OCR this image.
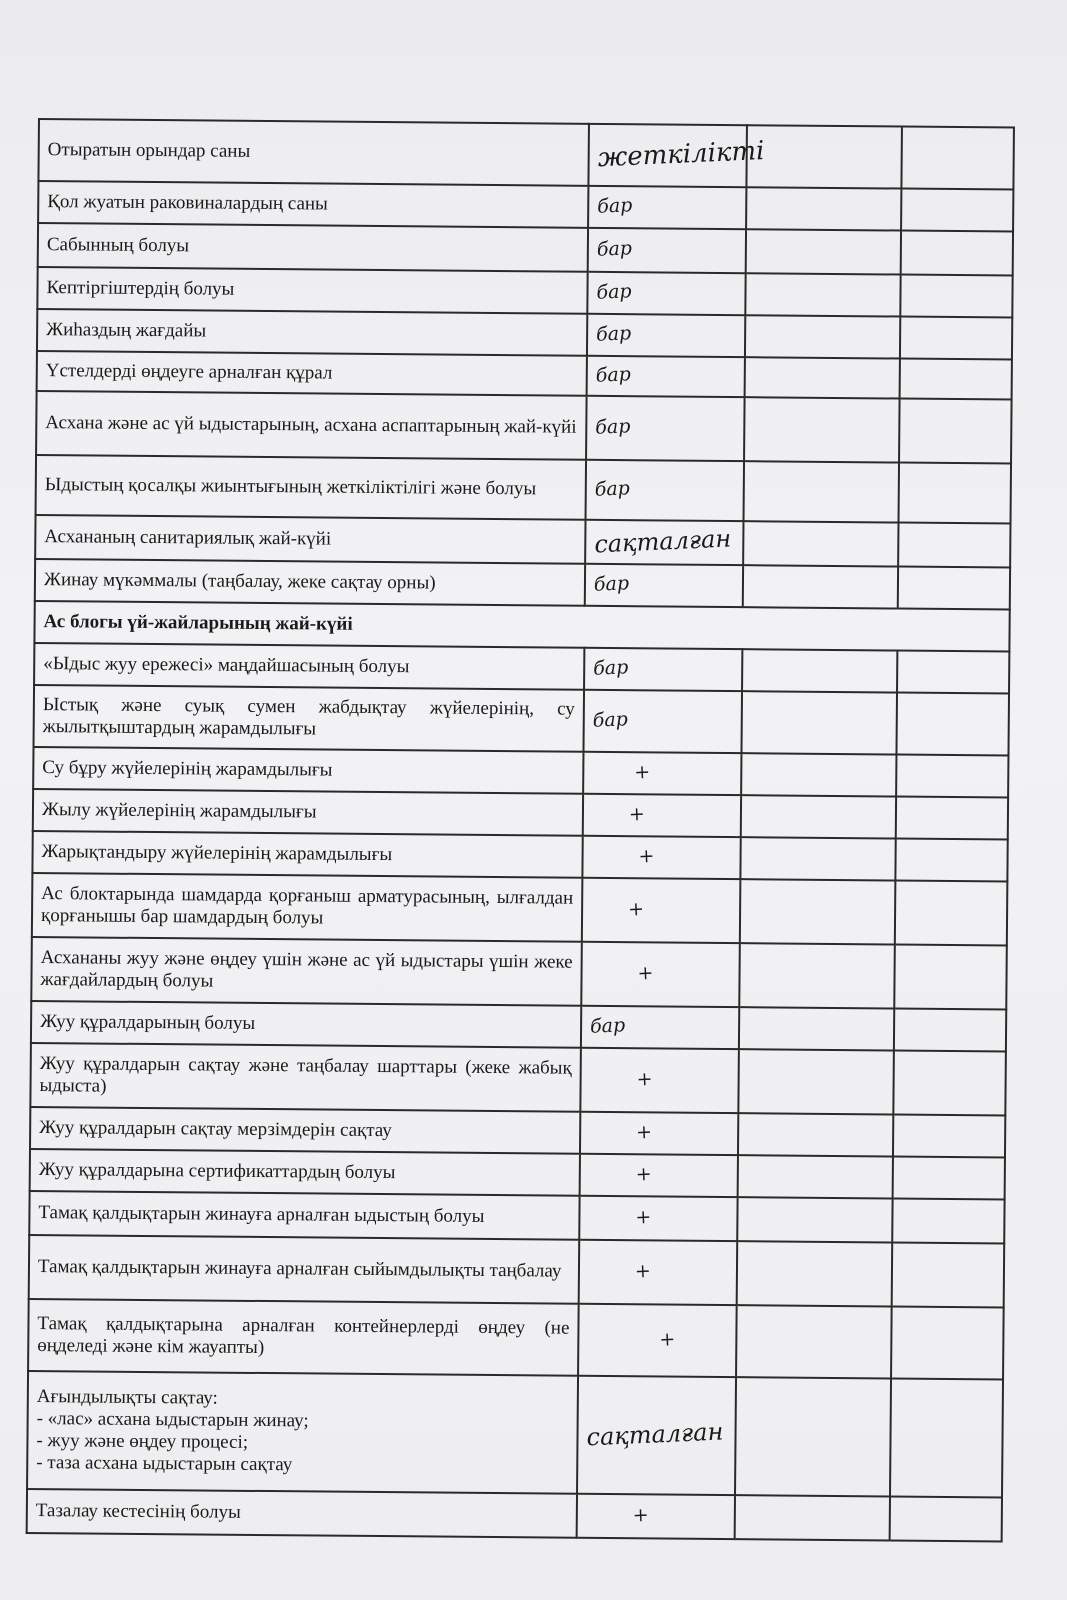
Отыратын орындар саны	жеткілікті		
Қол жуатын раковиналардың саны	бар		
Сабынның болуы	бар		
Кептіргіштердің болуы	бар		
Жиһаздың жағдайы	бар		
Үстелдерді өңдеуге арналған құрал	бар		
Асхана және ас үй ыдыстарының, асхана аспаптарының жай-күйі	бар		
Ыдыстың қосалқы жиынтығының жеткіліктілігі және болуы	бар		
Асхананың санитариялық жай-күйі	сақталған		
Жинау мүкәммалы (таңбалау, жеке сақтау орны)	бар		
Ас блогы үй-жайларының жай-күйі			
«Ыдыс жуу ережесі» маңдайшасының болуы	бар		
Ыстық және суық сумен жабдықтау жүйелерінің, су жылытқыштардың жарамдылығы	бар		
Су бұру жүйелерінің жарамдылығы	+		
Жылу жүйелерінің жарамдылығы	+		
Жарықтандыру жүйелерінің жарамдылығы	+		
Ас блоктарында шамдарда қорғаныш арматурасының, ылғалдан қорғанышы бар шамдардың болуы	+		
Асхананы жуу және өңдеу үшін және ас үй ыдыстары үшін жеке жағдайлардың болуы	+		
Жуу құралдарының болуы	бар		
Жуу құралдарын сақтау және таңбалау шарттары (жеке жабық ыдыста)	+		
Жуу құралдарын сақтау мерзімдерін сақтау	+		
Жуу құралдарына сертификаттардың болуы	+		
Тамақ қалдықтарын жинауға арналған ыдыстың болуы	+		
Тамақ қалдықтарын жинауға арналған сыйымдылықты таңбалау	+		
Тамақ қалдықтарына арналған контейнерлерді өңдеу (не өңделеді және кім жауапты)	+		
Ағындылықты сақтау:
- «лас» асхана ыдыстарын жинау;
- жуу және өңдеу процесі;
- таза асхана ыдыстарын сақтау	сақталған		
Тазалау кестесінің болуы	+		
